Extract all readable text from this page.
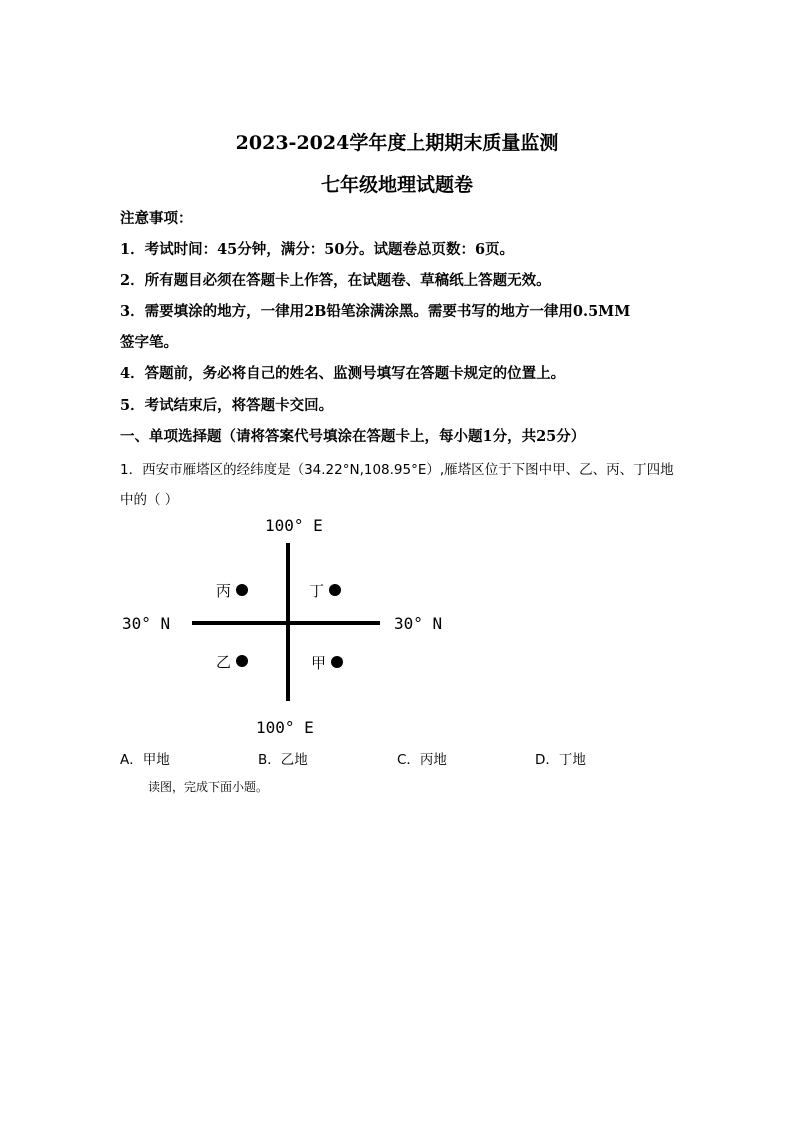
2023-2024学年度上期期末质量监测
七年级地理试题卷
注意事项：
1．考试时间：45分钟，满分：50分。试题卷总页数：6页。
2．所有题目必须在答题卡上作答，在试题卷、草稿纸上答题无效。
3．需要填涂的地方，一律用2B铅笔涂满涂黑。需要书写的地方一律用0.5MM
签字笔。
4．答题前，务必将自己的姓名、监测号填写在答题卡规定的位置上。
5．考试结束后，将答题卡交回。
一、单项选择题（请将答案代号填涂在答题卡上，每小题1分，共25分）
1．西安市雁塔区的经纬度是（34.22°N,108.95°E）,雁塔区位于下图中甲、乙、丙、丁四地
中的（ ）
100° E
100° E
30° N	30° N
丙	丁
乙	甲
A．甲地	B．乙地	C．丙地	D．丁地
读图，完成下面小题。
